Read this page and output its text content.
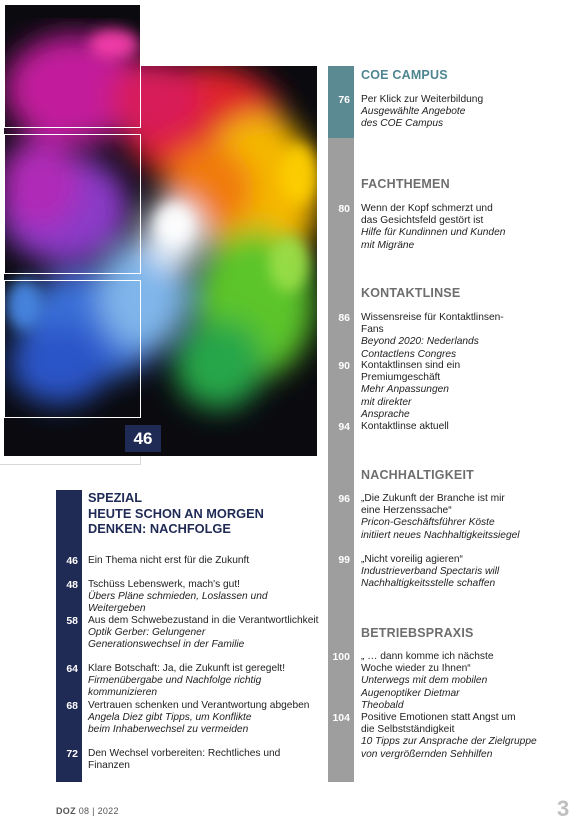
46
COE CAMPUS
76 Per Klick zur Weiterbildung
Ausgewählte Angebote des COE Campus
FACHTHEMEN
80 Wenn der Kopf schmerzt und das Gesichtsfeld gestört ist
Hilfe für Kundinnen und Kunden mit Migräne
KONTAKTLINSE
86 Wissensreise für Kontaktlinsen-Fans
Beyond 2020: Nederlands Contactlens Congres
90 Kontaktlinsen sind ein Premiumgeschäft
Mehr Anpassungen mit direkter Ansprache
94 Kontaktlinse aktuell
NACHHALTIGKEIT
96 „Die Zukunft der Branche ist mir eine Herzenssache“
Pricon-Geschäftsführer Köste initiiert neues Nachhaltigkeitssiegel
99 „Nicht voreilig agieren“
Industrieverband Spectaris will Nachhaltigkeitsstelle schaffen
BETRIEBSPRAXIS
100 „ … dann komme ich nächste Woche wieder zu Ihnen“
Unterwegs mit dem mobilen Augenoptiker Dietmar Theobald
104 Positive Emotionen statt Angst um die Selbstständigkeit
10 Tipps zur Ansprache der Zielgruppe von vergrößernden Sehhilfen
SPEZIAL
HEUTE SCHON AN MORGEN
DENKEN: NACHFOLGE
46 Ein Thema nicht erst für die Zukunft
48 Tschüss Lebenswerk, mach's gut!
Übers Pläne schmieden, Loslassen und Weitergeben
58 Aus dem Schwebezustand in die Verantwortlichkeit
Optik Gerber: Gelungener Generationswechsel in der Familie
64 Klare Botschaft: Ja, die Zukunft ist geregelt!
Firmenübergabe und Nachfolge richtig kommunizieren
68 Vertrauen schenken und Verantwortung abgeben
Angela Diez gibt Tipps, um Konflikte beim Inhaberwechsel zu vermeiden
72 Den Wechsel vorbereiten: Rechtliches und Finanzen
DOZ 08 | 2022	3
